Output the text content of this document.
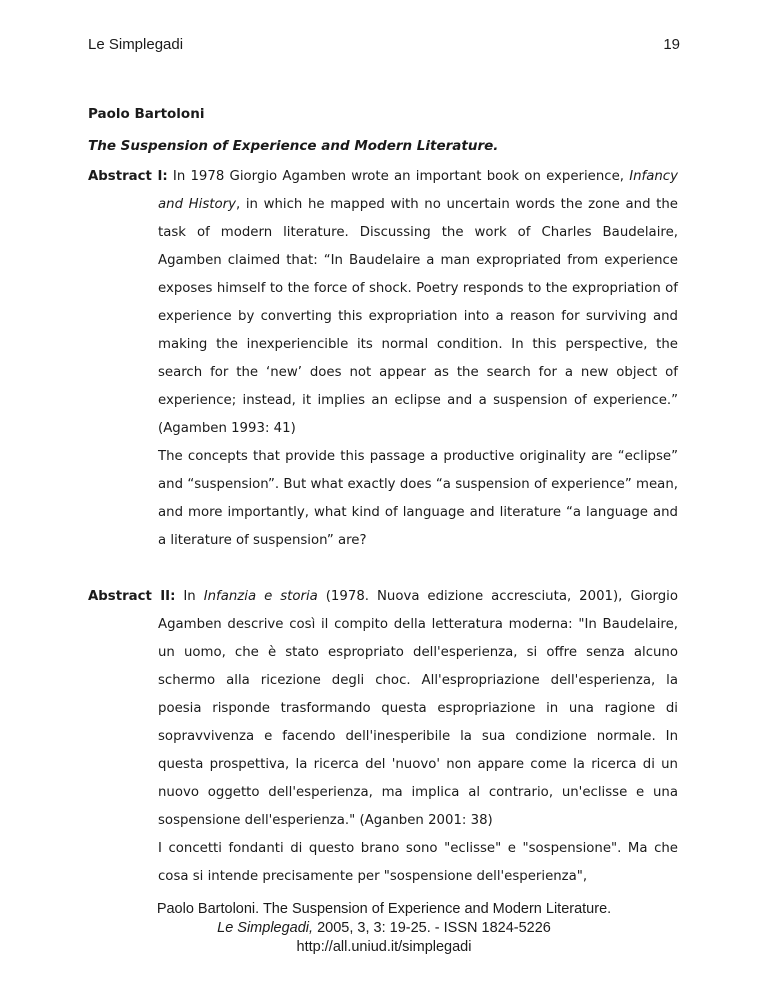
Le Simplegadi	19
Paolo Bartoloni
The Suspension of Experience and Modern Literature.

Abstract I: In 1978 Giorgio Agamben wrote an important book on experience, Infancy and History, in which he mapped with no uncertain words the zone and the task of modern literature. Discussing the work of Charles Baudelaire, Agamben claimed that: “In Baudelaire a man expropriated from experience exposes himself to the force of shock. Poetry responds to the expropriation of experience by converting this expropriation into a reason for surviving and making the inexperiencible its normal condition. In this perspective, the search for the ‘new’ does not appear as the search for a new object of experience; instead, it implies an eclipse and a suspension of experience.” (Agamben 1993: 41)

The concepts that provide this passage a productive originality are “eclipse” and “suspension”. But what exactly does “a suspension of experience” mean, and more importantly, what kind of language and literature “a language and a literature of suspension” are?

Abstract II: In Infanzia e storia (1978. Nuova edizione accresciuta, 2001), Giorgio Agamben descrive così il compito della letteratura moderna: "In Baudelaire, un uomo, che è stato espropriato dell'esperienza, si offre senza alcuno schermo alla ricezione degli choc. All'espropriazione dell'esperienza, la poesia risponde trasformando questa espropriazione in una ragione di sopravvivenza e facendo dell'inesperibile la sua condizione normale. In questa prospettiva, la ricerca del 'nuovo' non appare come la ricerca di un nuovo oggetto dell'esperienza, ma implica al contrario, un'eclisse e una sospensione dell'esperienza." (Aganben 2001: 38)

I concetti fondanti di questo brano sono "eclisse" e "sospensione". Ma che cosa si intende precisamente per "sospensione dell'esperienza",

Paolo Bartoloni. The Suspension of Experience and Modern Literature.
Le Simplegadi, 2005, 3, 3: 19-25. - ISSN 1824-5226
http://all.uniud.it/simplegadi
